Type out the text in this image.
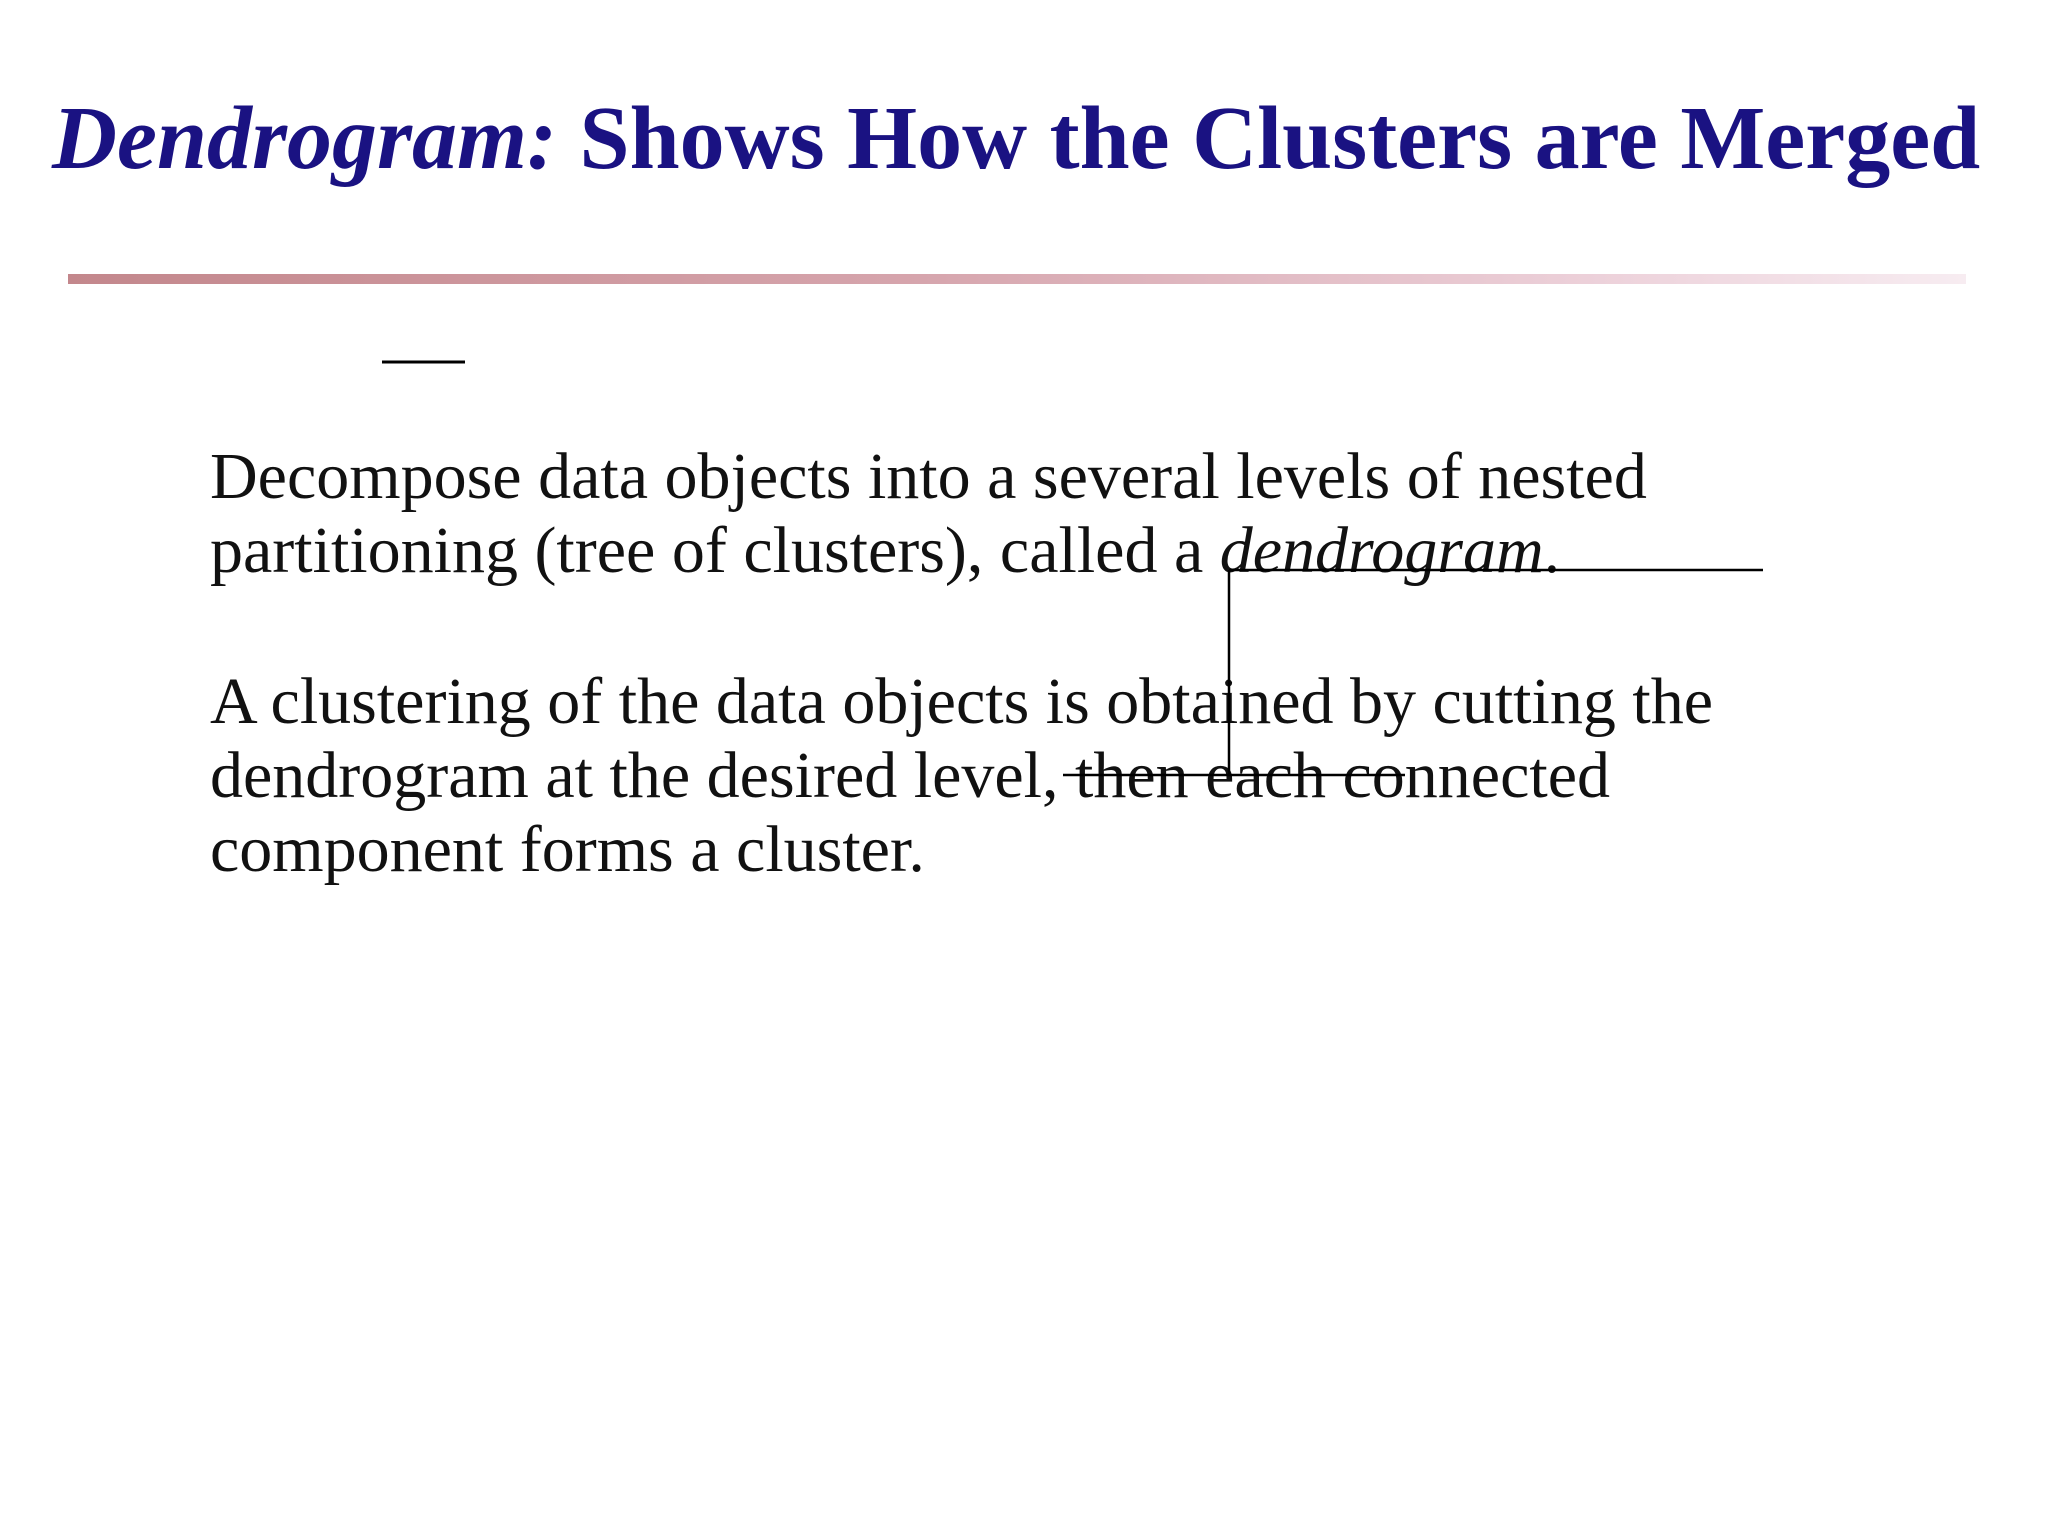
Dendrogram: Shows How the Clusters are Merged

Decompose data objects into a several levels of nested
partitioning (tree of clusters), called a dendrogram.

A clustering of the data objects is obtained by cutting the
dendrogram at the desired level, then each connected
component forms a cluster.
